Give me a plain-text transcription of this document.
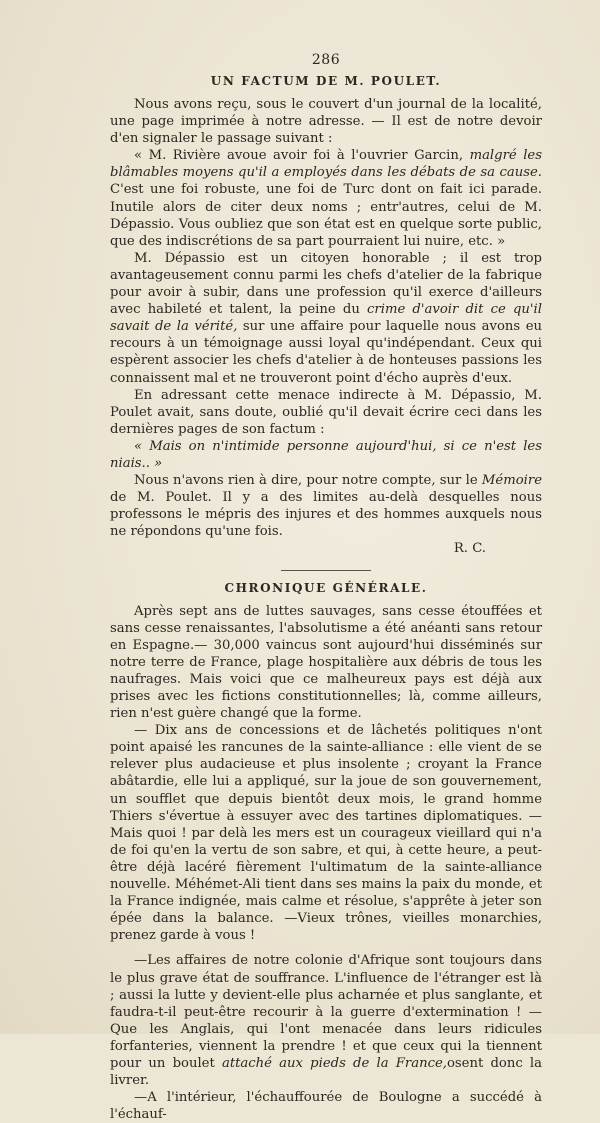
286
UN FACTUM DE M. POULET.

Nous avons reçu, sous le couvert d'un journal de la localité, une page imprimée à notre adresse. — Il est de notre devoir d'en signaler le passage suivant :

« M. Rivière avoue avoir foi à l'ouvrier Garcin, malgré les blâmables moyens qu'il a employés dans les débats de sa cause. C'est une foi robuste, une foi de Turc dont on fait ici parade. Inutile alors de citer deux noms ; entr'autres, celui de M. Dépassio. Vous oubliez que son état est en quelque sorte public, que des indiscrétions de sa part pourraient lui nuire, etc. »

M. Dépassio est un citoyen honorable ; il est trop avantageusement connu parmi les chefs d'atelier de la fabrique pour avoir à subir, dans une profession qu'il exerce d'ailleurs avec habileté et talent, la peine du crime d'avoir dit ce qu'il savait de la vérité, sur une affaire pour laquelle nous avons eu recours à un témoignage aussi loyal qu'indépendant. Ceux qui espèrent associer les chefs d'atelier à de honteuses passions les connaissent mal et ne trouveront point d'écho auprès d'eux.

En adressant cette menace indirecte à M. Dépassio, M. Poulet avait, sans doute, oublié qu'il devait écrire ceci dans les dernières pages de son factum :

« Mais on n'intimide personne aujourd'hui, si ce n'est les niais.. »

Nous n'avons rien à dire, pour notre compte, sur le Mémoire de M. Poulet. Il y a des limites au-delà desquelles nous professons le mépris des injures et des hommes auxquels nous ne répondons qu'une fois.

R. C.

CHRONIQUE GÉNÉRALE.

Après sept ans de luttes sauvages, sans cesse étouffées et sans cesse renaissantes, l'absolutisme a été anéanti sans retour en Espagne.— 30,000 vaincus sont aujourd'hui disséminés sur notre terre de France, plage hospitalière aux débris de tous les naufrages. Mais voici que ce malheureux pays est déjà aux prises avec les fictions constitutionnelles; là, comme ailleurs, rien n'est guère changé que la forme.

— Dix ans de concessions et de lâchetés politiques n'ont point apaisé les rancunes de la sainte-alliance : elle vient de se relever plus audacieuse et plus insolente ; croyant la France abâtardie, elle lui a appliqué, sur la joue de son gouvernement, un soufflet que depuis bientôt deux mois, le grand homme Thiers s'évertue à essuyer avec des tartines diplomatiques. — Mais quoi ! par delà les mers est un courageux vieillard qui n'a de foi qu'en la vertu de son sabre, et qui, à cette heure, a peut-être déjà lacéré fièrement l'ultimatum de la sainte-alliance nouvelle. Méhémet-Ali tient dans ses mains la paix du monde, et la France indignée, mais calme et résolue, s'apprête à jeter son épée dans la balance. —Vieux trônes, vieilles monarchies, prenez garde à vous !

—Les affaires de notre colonie d'Afrique sont toujours dans le plus grave état de souffrance. L'influence de l'étranger est là ; aussi la lutte y devient-elle plus acharnée et plus sanglante, et faudra-t-il peut-être recourir à la guerre d'extermination ! — Que les Anglais, qui l'ont menacée dans leurs ridicules forfanteries, viennent la prendre ! et que ceux qui la tiennent pour un boulet attaché aux pieds de la France,osent donc la livrer.

—A l'intérieur, l'échauffourée de Boulogne a succédé à l'échauf-
